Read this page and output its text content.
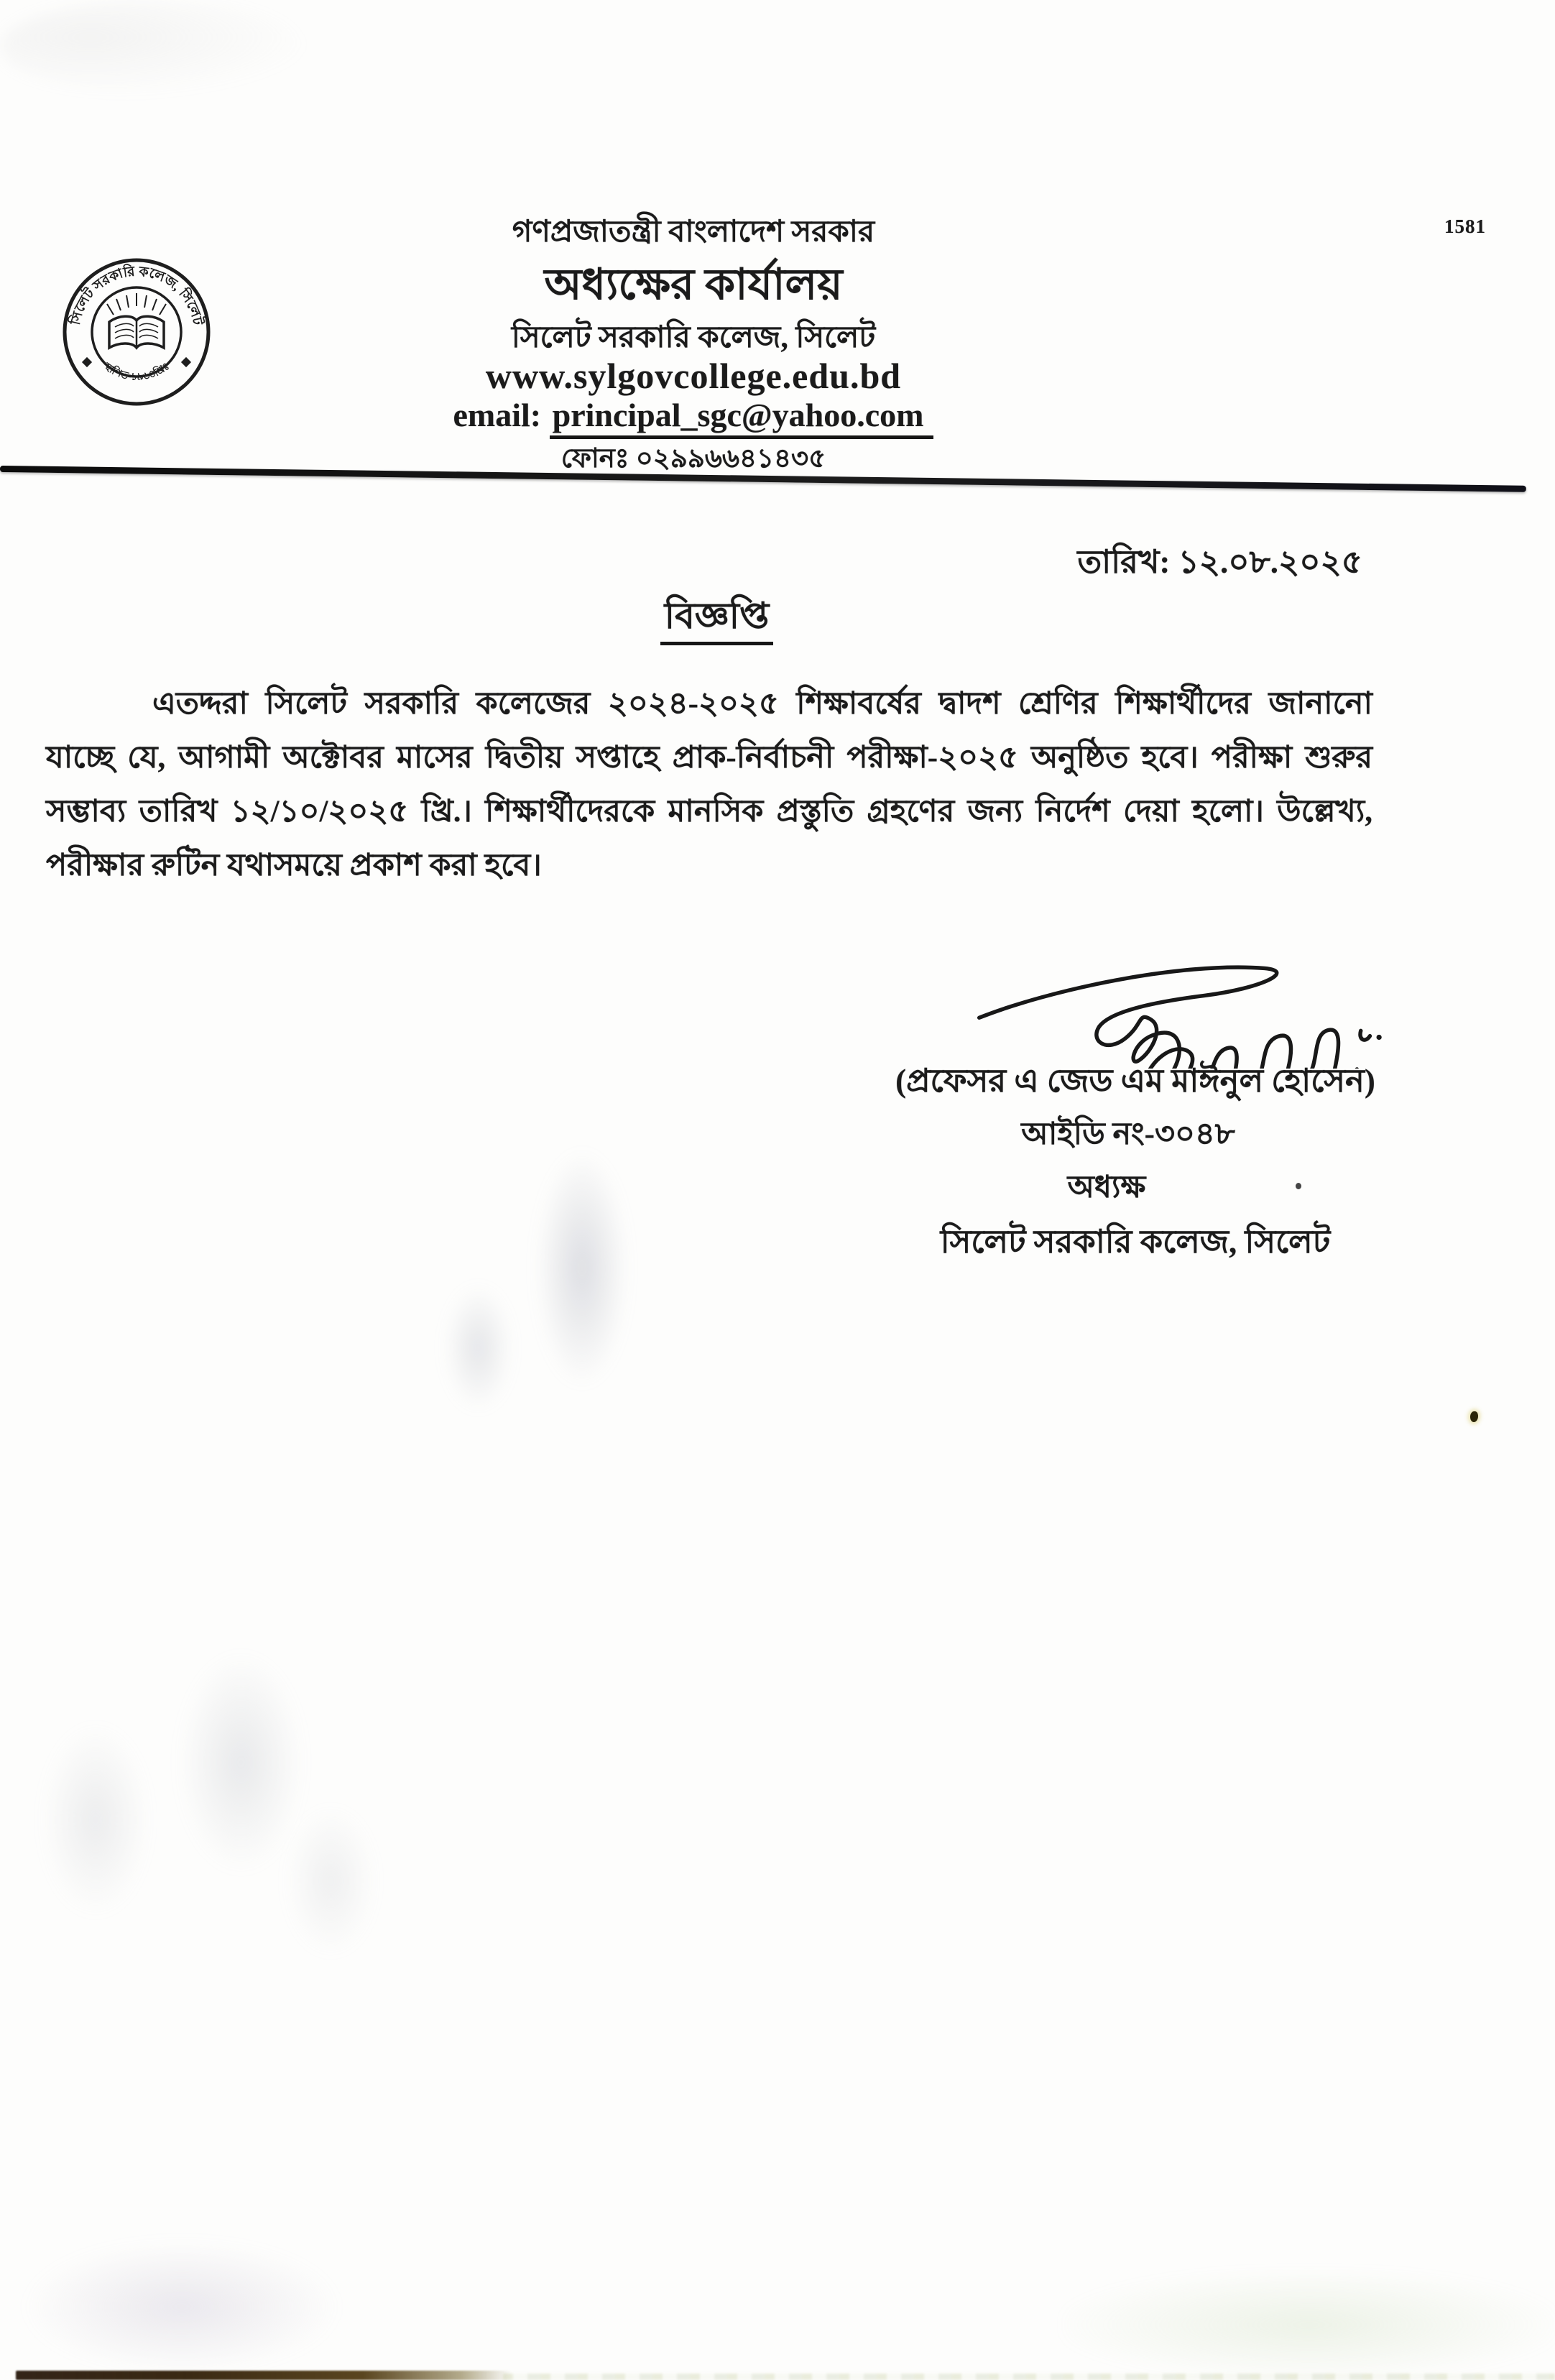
1581
সিলেট সরকারি কলেজ, সিলেট
স্থাপিত-১৯৬৪খ্রিঃ
গণপ্রজাতন্ত্রী বাংলাদেশ সরকার
অধ্যক্ষের কার্যালয়
সিলেট সরকারি কলেজ, সিলেট
www.sylgovcollege.edu.bd
email: principal_sgc@yahoo.com
ফোনঃ ০২৯৯৬৬৪১৪৩৫
তারিখ: ১২.০৮.২০২৫
বিজ্ঞপ্তি
এতদ্দরা সিলেট সরকারি কলেজের ২০২৪-২০২৫ শিক্ষাবর্ষের দ্বাদশ শ্রেণির শিক্ষার্থীদের জানানো
যাচ্ছে যে, আগামী অক্টোবর মাসের দ্বিতীয় সপ্তাহে প্রাক-নির্বাচনী পরীক্ষা-২০২৫ অনুষ্ঠিত হবে। পরীক্ষা শুরুর
সম্ভাব্য তারিখ ১২/১০/২০২৫ খ্রি.। শিক্ষার্থীদেরকে মানসিক প্রস্তুতি গ্রহণের জন্য নির্দেশ দেয়া হলো। উল্লেখ্য,
পরীক্ষার রুটিন যথাসময়ে প্রকাশ করা হবে।
(প্রফেসর এ জেড এম মাঈনুল হোসেন)
আইডি নং-৩০৪৮
অধ্যক্ষ
সিলেট সরকারি কলেজ, সিলেট
